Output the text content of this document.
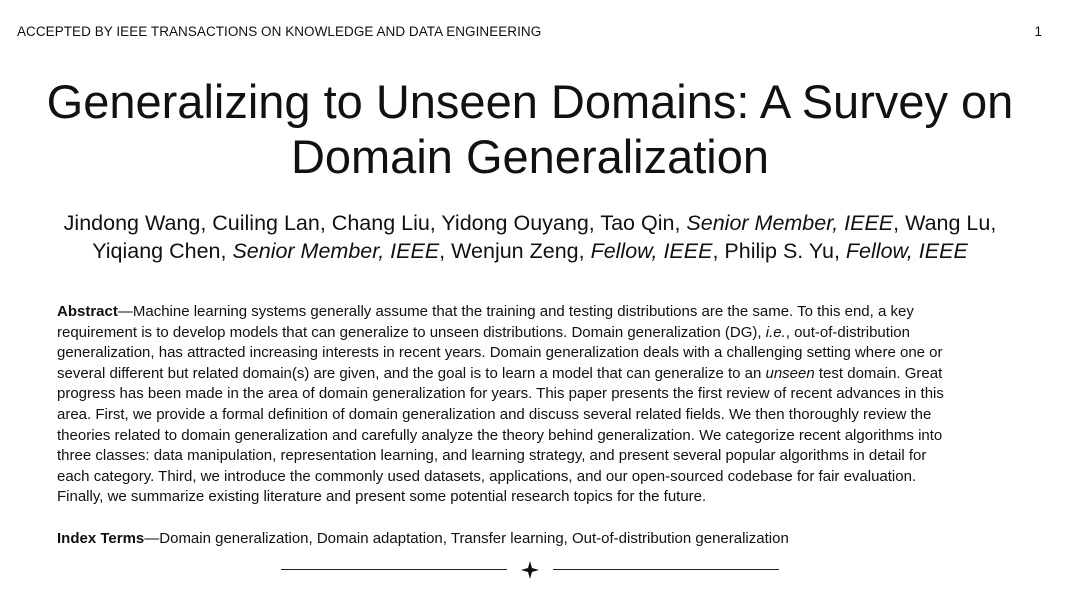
ACCEPTED BY IEEE TRANSACTIONS ON KNOWLEDGE AND DATA ENGINEERING	1
Generalizing to Unseen Domains: A Survey on
Domain Generalization
Jindong Wang, Cuiling Lan, Chang Liu, Yidong Ouyang, Tao Qin, Senior Member, IEEE, Wang Lu,
Yiqiang Chen, Senior Member, IEEE, Wenjun Zeng, Fellow, IEEE, Philip S. Yu, Fellow, IEEE
Abstract—Machine learning systems generally assume that the training and testing distributions are the same. To this end, a key
requirement is to develop models that can generalize to unseen distributions. Domain generalization (DG), i.e., out-of-distribution
generalization, has attracted increasing interests in recent years. Domain generalization deals with a challenging setting where one or
several different but related domain(s) are given, and the goal is to learn a model that can generalize to an unseen test domain. Great
progress has been made in the area of domain generalization for years. This paper presents the first review of recent advances in this
area. First, we provide a formal definition of domain generalization and discuss several related fields. We then thoroughly review the
theories related to domain generalization and carefully analyze the theory behind generalization. We categorize recent algorithms into
three classes: data manipulation, representation learning, and learning strategy, and present several popular algorithms in detail for
each category. Third, we introduce the commonly used datasets, applications, and our open-sourced codebase for fair evaluation.
Finally, we summarize existing literature and present some potential research topics for the future.
Index Terms—Domain generalization, Domain adaptation, Transfer learning, Out-of-distribution generalization
